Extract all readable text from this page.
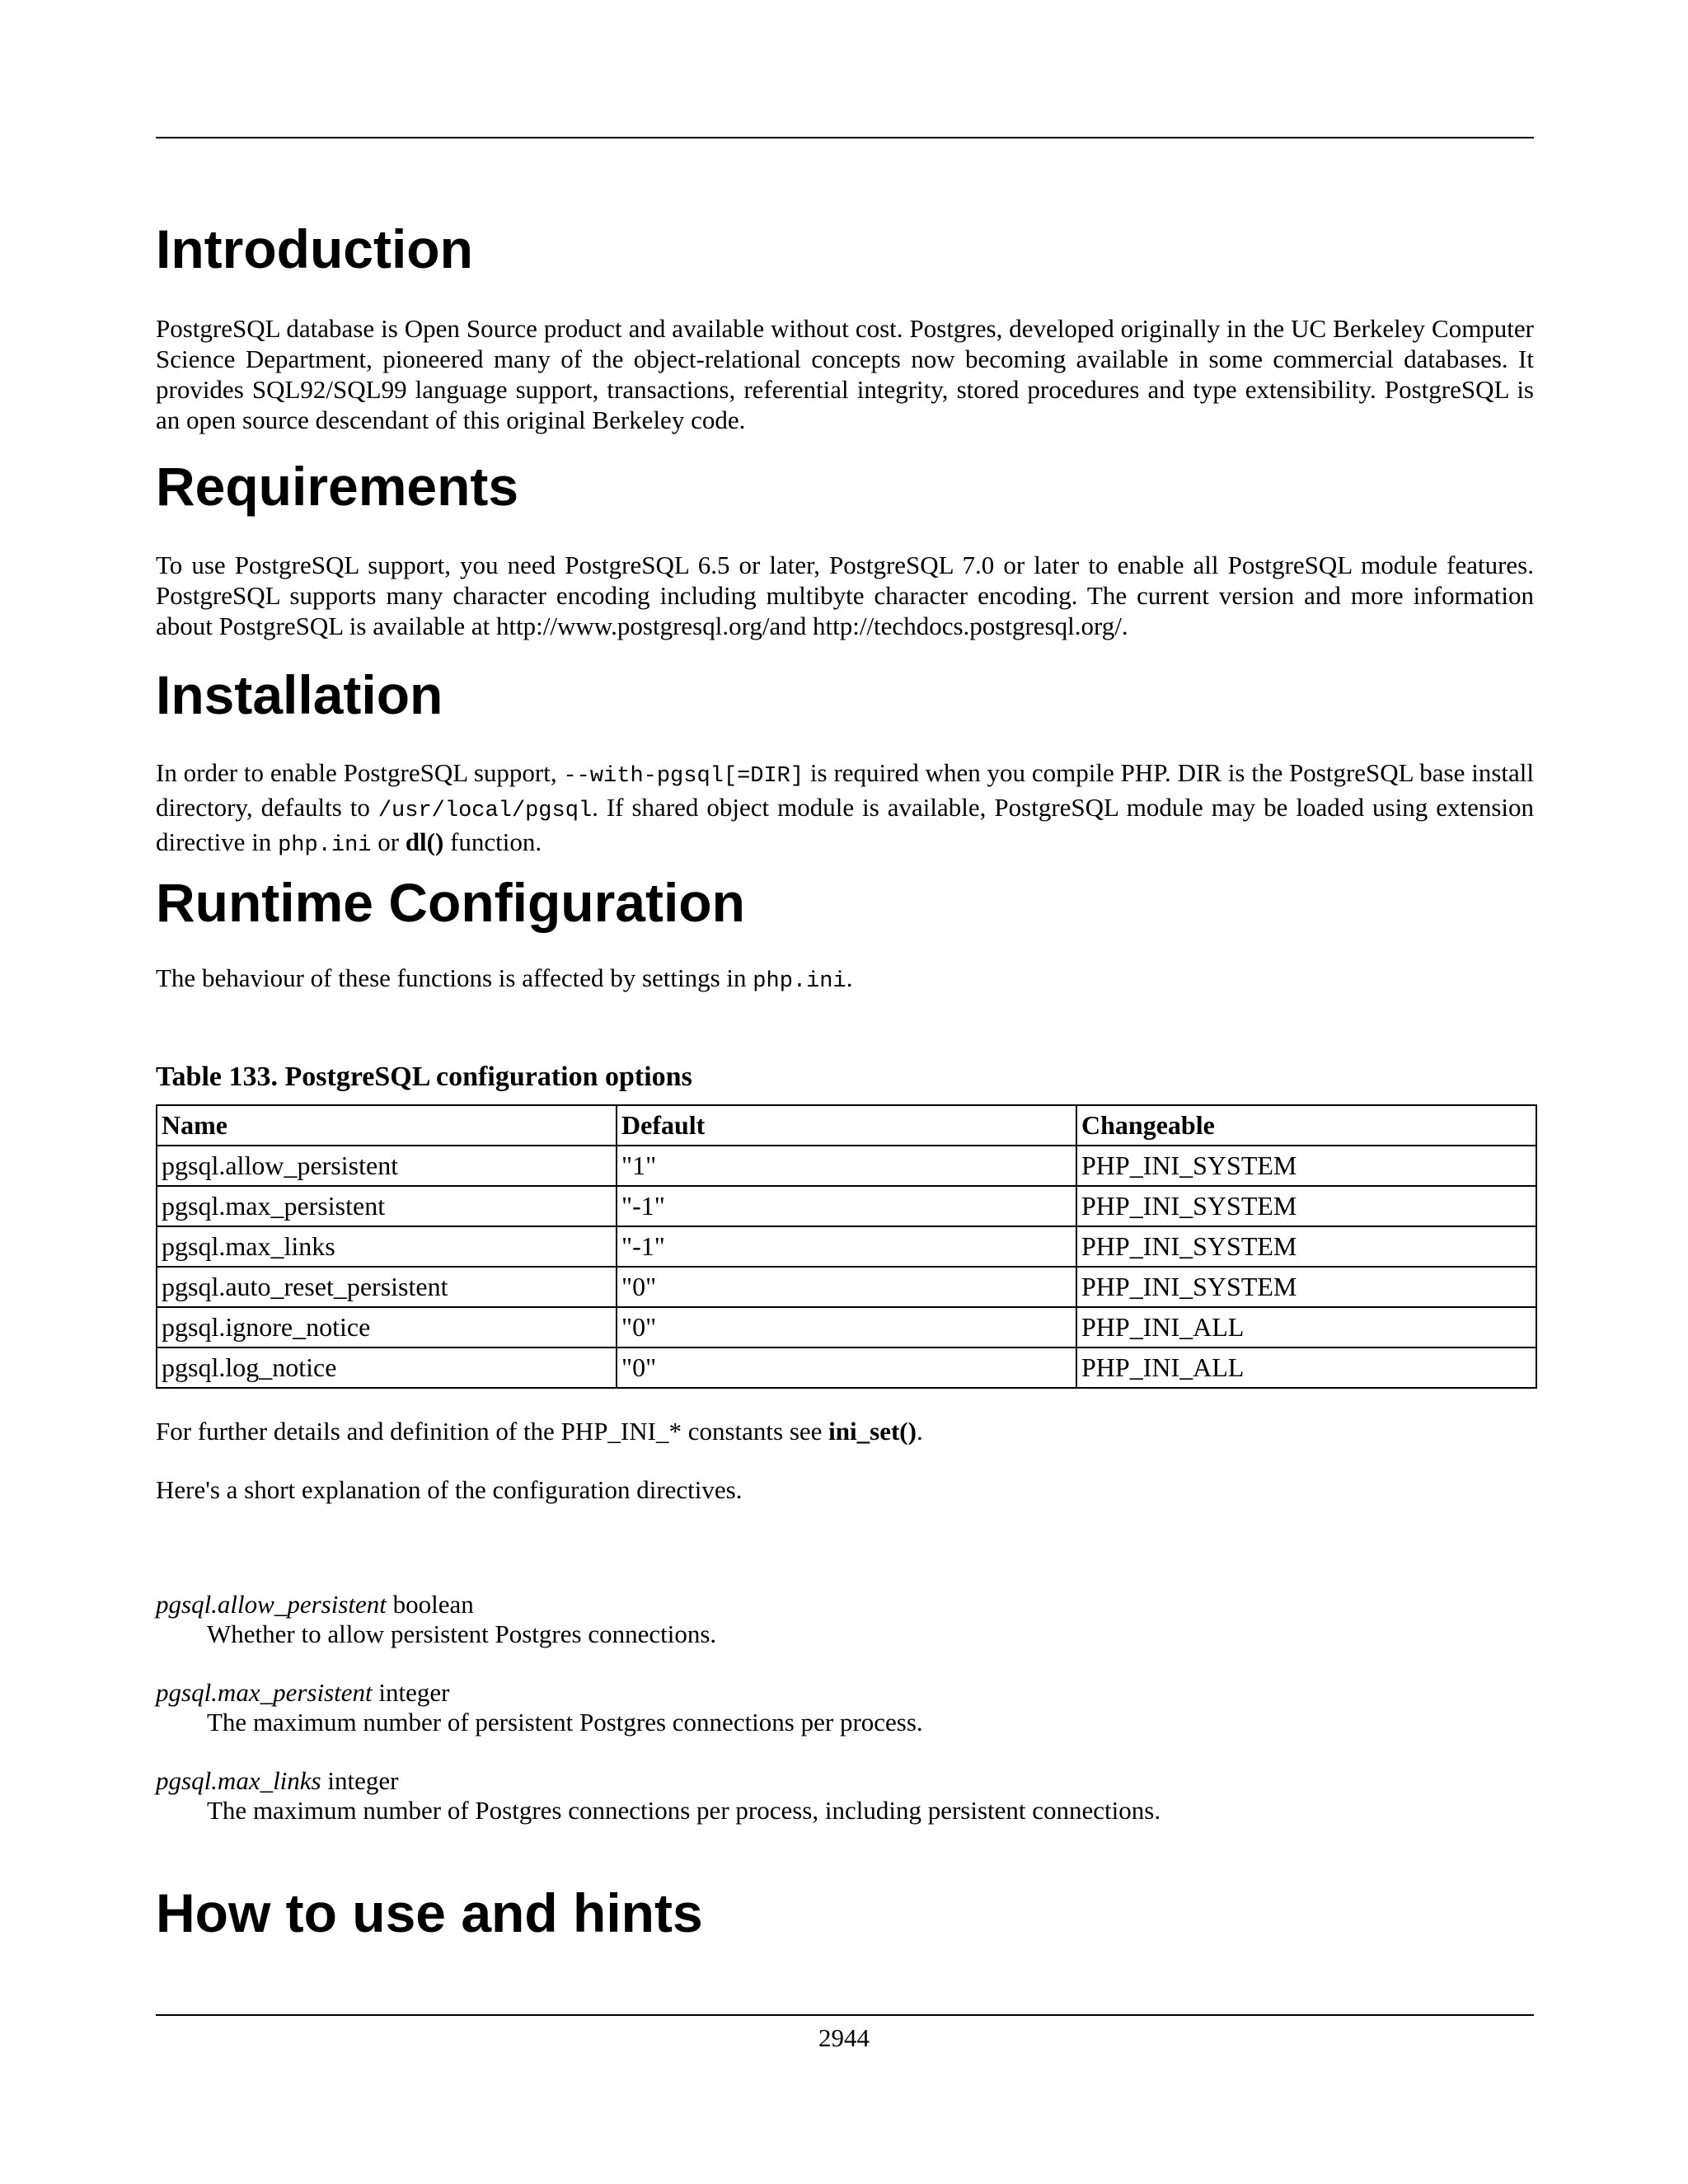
Introduction

PostgreSQL database is Open Source product and available without cost. Postgres, developed originally in the UC Berkeley Computer Science Department, pioneered many of the object-relational concepts now becoming available in some commercial databases. It provides SQL92/SQL99 language support, transactions, referential integrity, stored procedures and type extensibility. PostgreSQL is an open source descendant of this original Berkeley code.

Requirements

To use PostgreSQL support, you need PostgreSQL 6.5 or later, PostgreSQL 7.0 or later to enable all PostgreSQL module features. PostgreSQL supports many character encoding including multibyte character encoding. The current version and more information about PostgreSQL is available at http://www.postgresql.org/and http://techdocs.postgresql.org/.

Installation

In order to enable PostgreSQL support, --with-pgsql[=DIR] is required when you compile PHP. DIR is the PostgreSQL base install directory, defaults to /usr/local/pgsql. If shared object module is available, PostgreSQL module may be loaded using extension directive in php.ini or dl() function.

Runtime Configuration

The behaviour of these functions is affected by settings in php.ini.

Table 133. PostgreSQL configuration options

Name	Default	Changeable
pgsql.allow_persistent	"1"	PHP_INI_SYSTEM
pgsql.max_persistent	"-1"	PHP_INI_SYSTEM
pgsql.max_links	"-1"	PHP_INI_SYSTEM
pgsql.auto_reset_persistent	"0"	PHP_INI_SYSTEM
pgsql.ignore_notice	"0"	PHP_INI_ALL
pgsql.log_notice	"0"	PHP_INI_ALL

For further details and definition of the PHP_INI_* constants see ini_set().

Here's a short explanation of the configuration directives.

pgsql.allow_persistent boolean

Whether to allow persistent Postgres connections.

pgsql.max_persistent integer

The maximum number of persistent Postgres connections per process.

pgsql.max_links integer

The maximum number of Postgres connections per process, including persistent connections.

How to use and hints
2944
